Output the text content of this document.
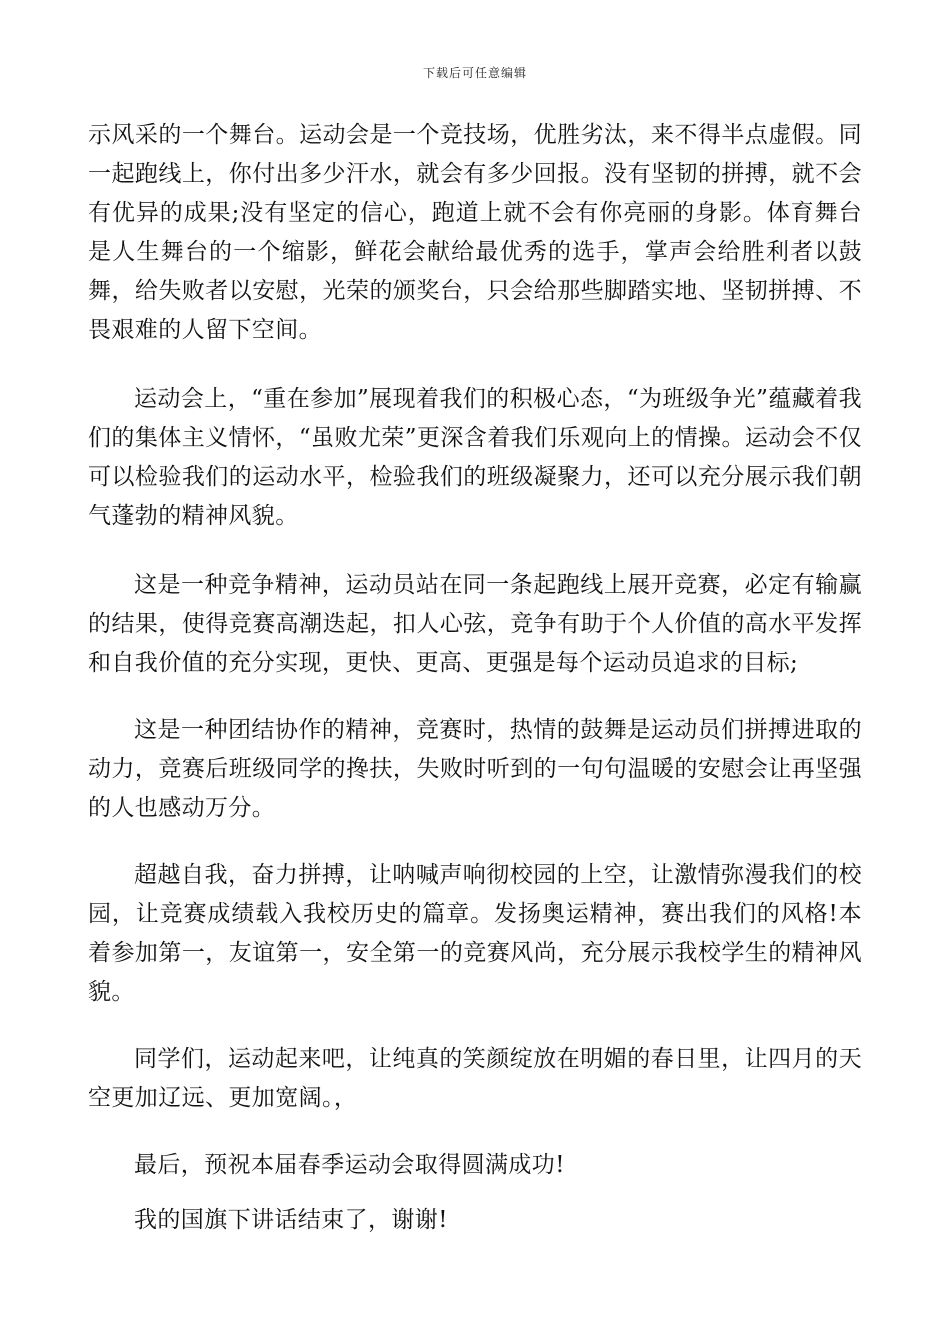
下载后可任意编辑

示风采的一个舞台。运动会是一个竞技场，优胜劣汰，来不得半点虚假。同一起跑线上，你付出多少汗水，就会有多少回报。没有坚韧的拼搏，就不会有优异的成果;没有坚定的信心，跑道上就不会有你亮丽的身影。体育舞台是人生舞台的一个缩影，鲜花会献给最优秀的选手，掌声会给胜利者以鼓舞，给失败者以安慰，光荣的颁奖台，只会给那些脚踏实地、坚韧拼搏、不畏艰难的人留下空间。

运动会上，“重在参加”展现着我们的积极心态，“为班级争光”蕴藏着我们的集体主义情怀，“虽败尤荣”更深含着我们乐观向上的情操。运动会不仅可以检验我们的运动水平，检验我们的班级凝聚力，还可以充分展示我们朝气蓬勃的精神风貌。

这是一种竞争精神，运动员站在同一条起跑线上展开竞赛，必定有输赢的结果，使得竞赛高潮迭起，扣人心弦，竞争有助于个人价值的高水平发挥和自我价值的充分实现，更快、更高、更强是每个运动员追求的目标;

这是一种团结协作的精神，竞赛时，热情的鼓舞是运动员们拼搏进取的动力，竞赛后班级同学的搀扶，失败时听到的一句句温暖的安慰会让再坚强的人也感动万分。

超越自我，奋力拼搏，让呐喊声响彻校园的上空，让激情弥漫我们的校园，让竞赛成绩载入我校历史的篇章。发扬奥运精神，赛出我们的风格!本着参加第一，友谊第一，安全第一的竞赛风尚，充分展示我校学生的精神风貌。

同学们，运动起来吧，让纯真的笑颜绽放在明媚的春日里，让四月的天空更加辽远、更加宽阔。，

最后，预祝本届春季运动会取得圆满成功!

我的国旗下讲话结束了，谢谢!
